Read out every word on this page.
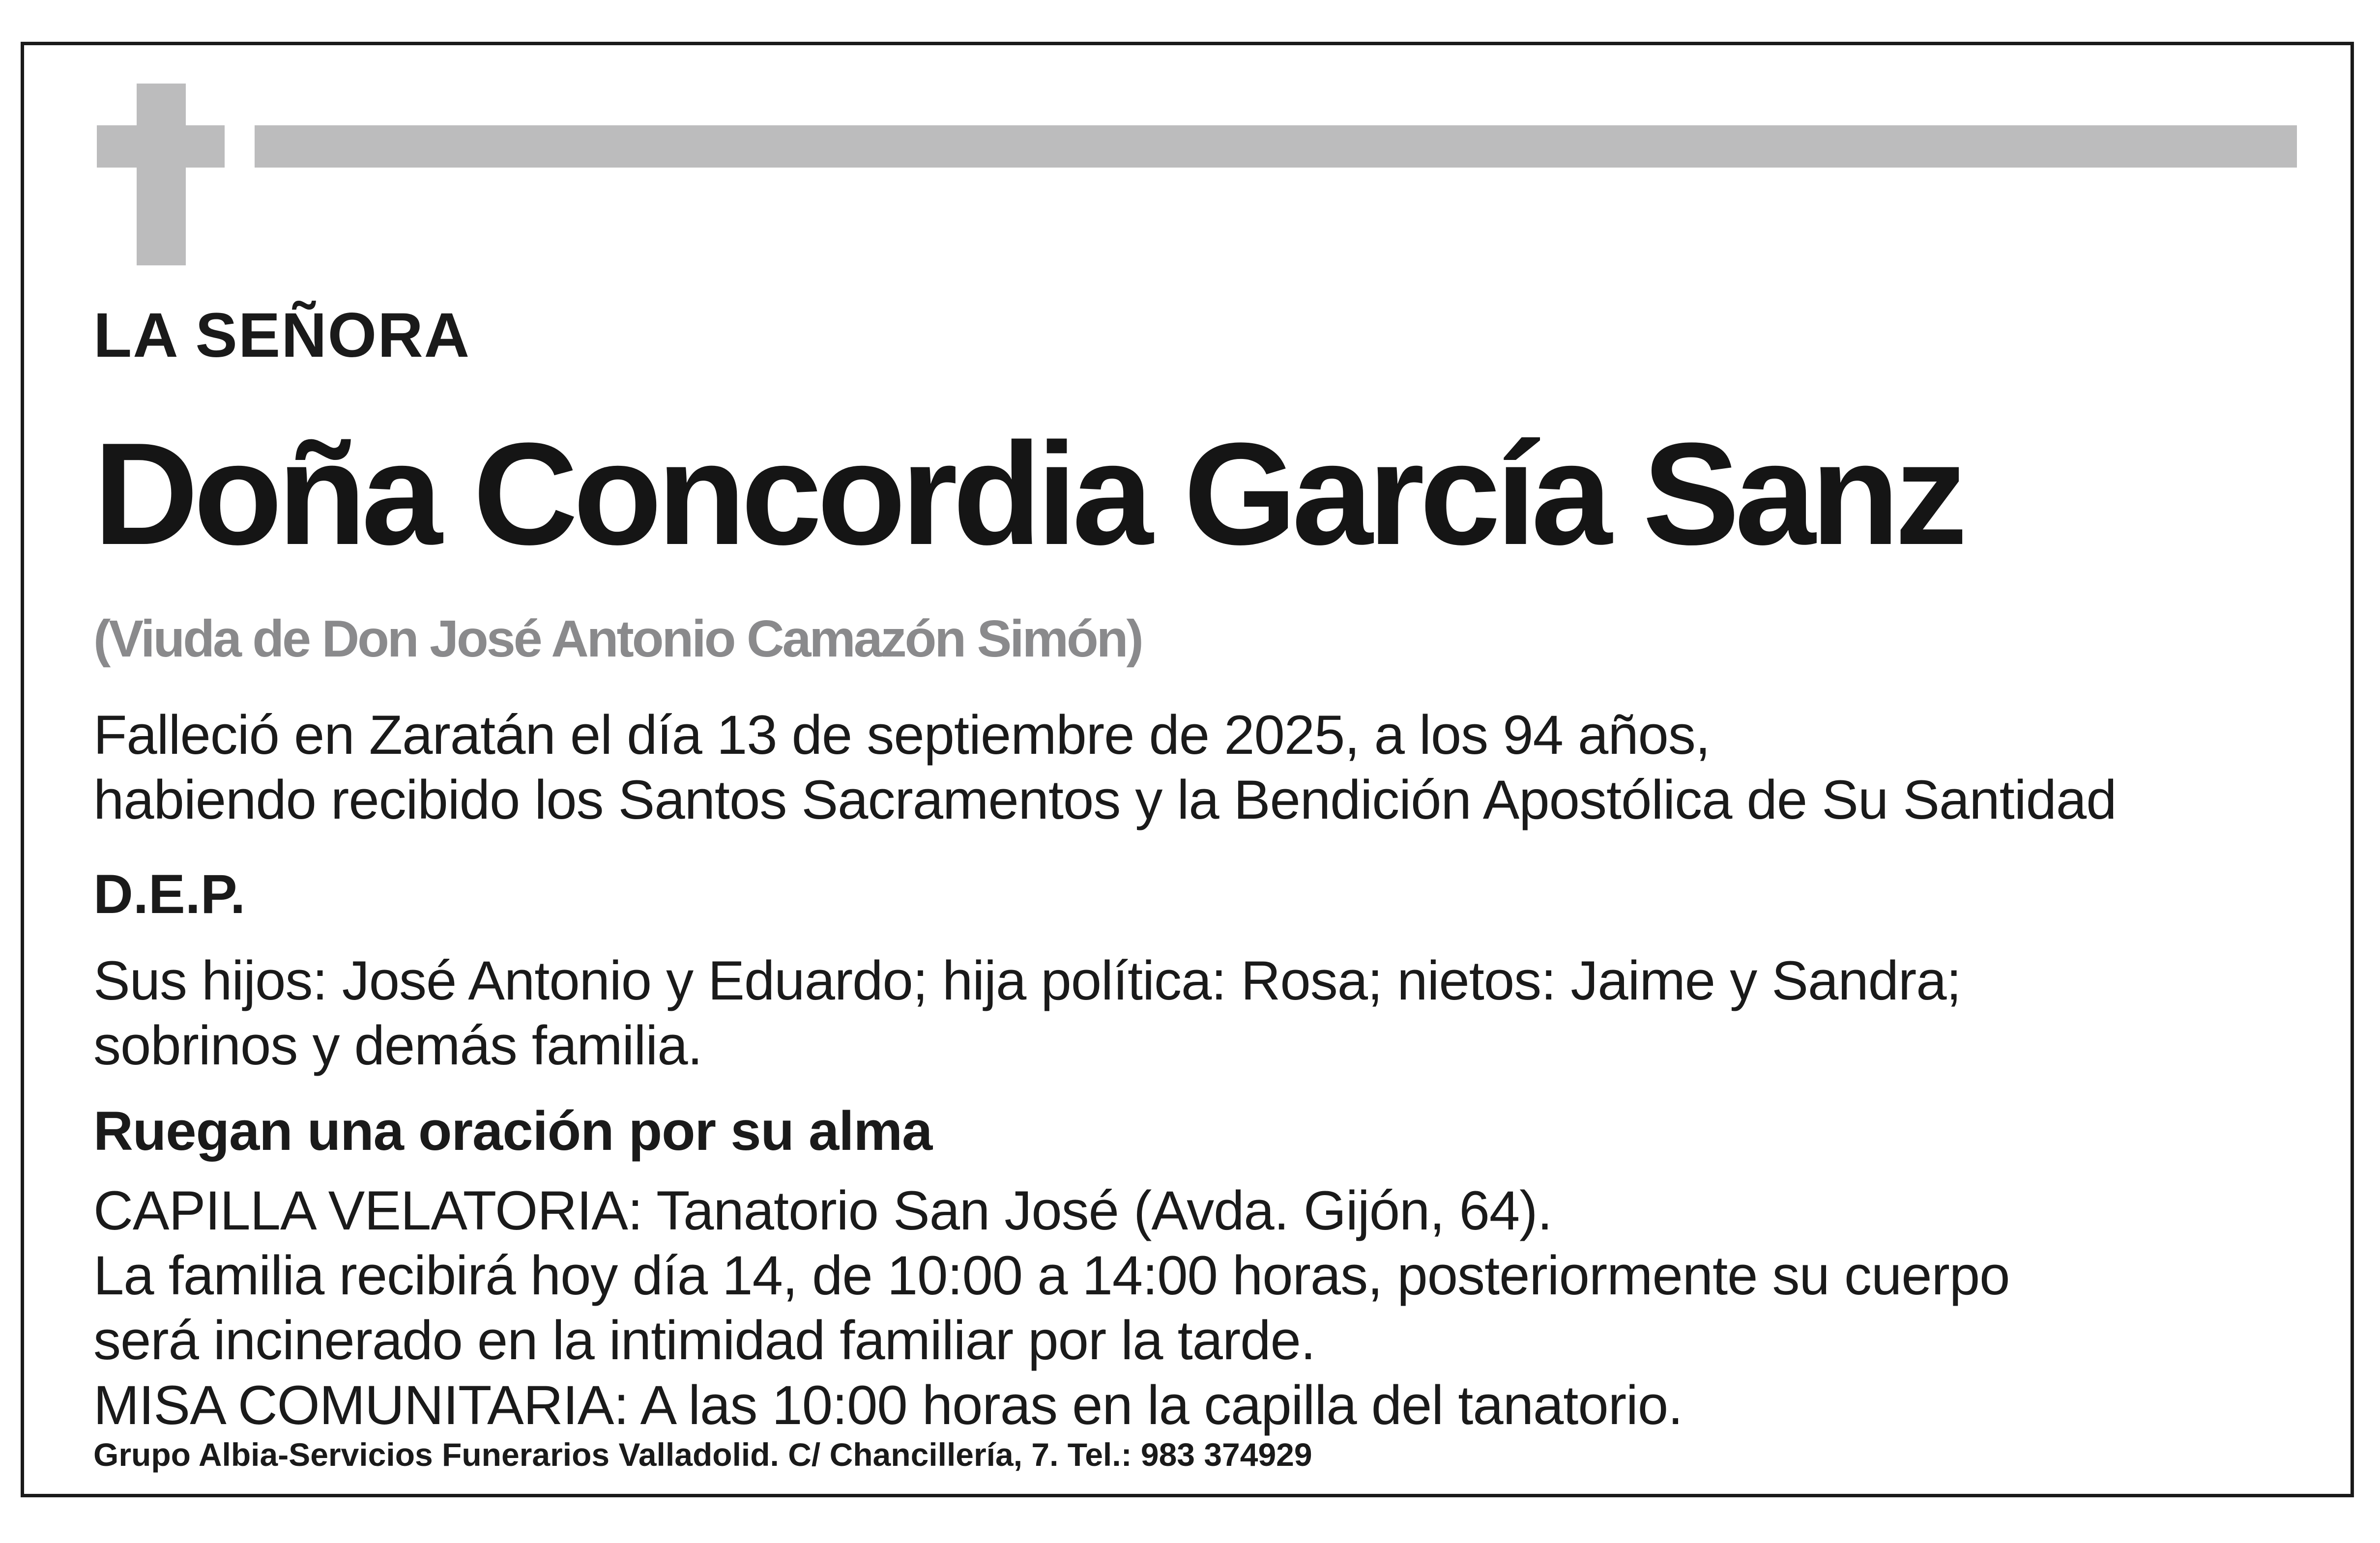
LA SEÑORA
Doña Concordia García Sanz
(Viuda de Don José Antonio Camazón Simón)
Falleció en Zaratán el día 13 de septiembre de 2025, a los 94 años,
habiendo recibido los Santos Sacramentos y la Bendición Apostólica de Su Santidad
D.E.P.
Sus hijos: José Antonio y Eduardo; hija política: Rosa; nietos: Jaime y Sandra;
sobrinos y demás familia.
Ruegan una oración por su alma
CAPILLA VELATORIA: Tanatorio San José (Avda. Gijón, 64).
La familia recibirá hoy día 14, de 10:00 a 14:00 horas, posteriormente su cuerpo
será incinerado en la intimidad familiar por la tarde.
MISA COMUNITARIA: A las 10:00 horas en la capilla del tanatorio.
Grupo Albia-Servicios Funerarios Valladolid. C/ Chancillería, 7. Tel.: 983 374929
